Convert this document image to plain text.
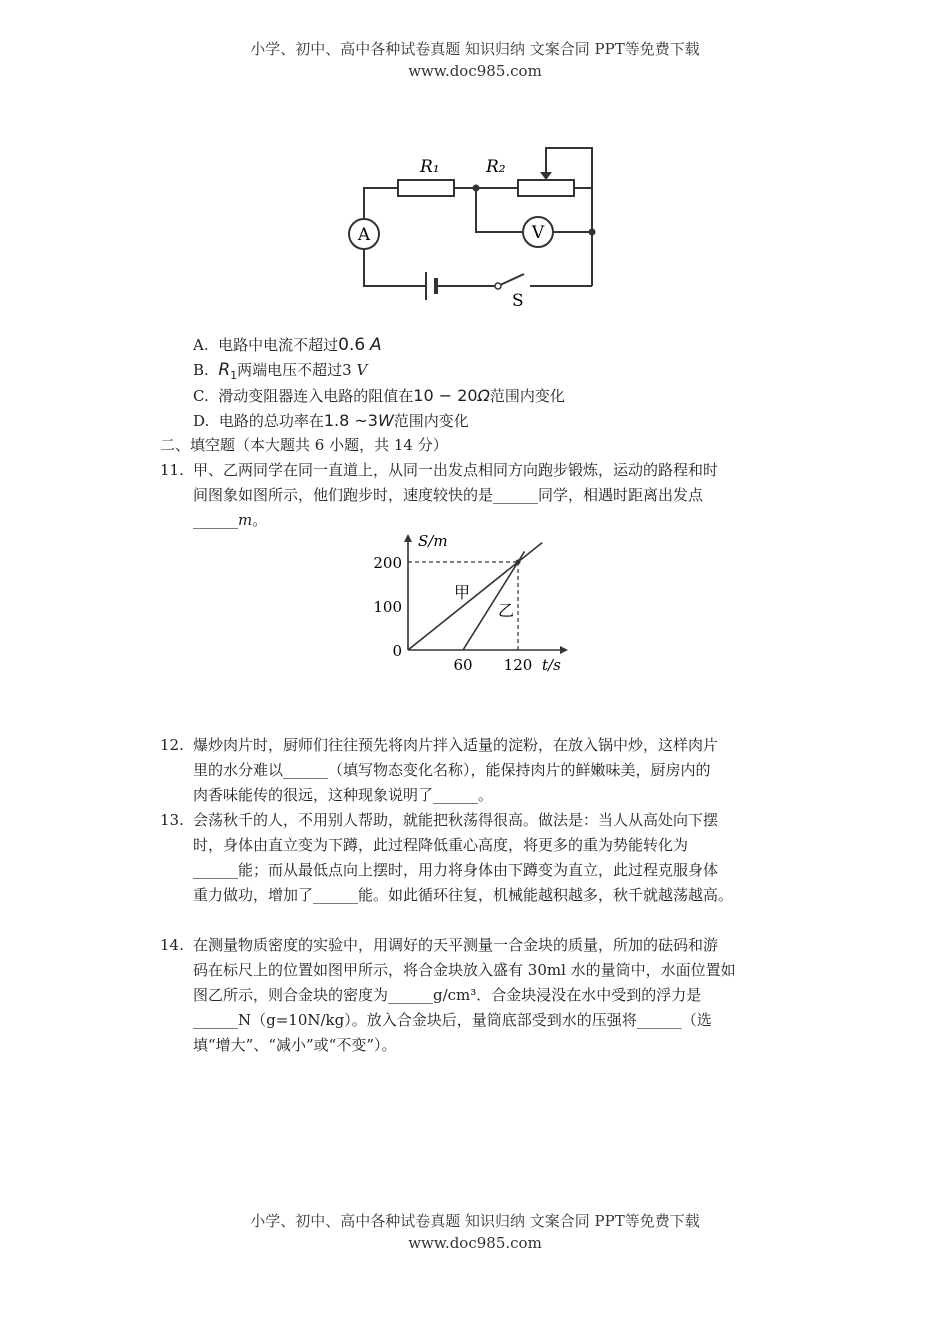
小学、初中、高中各种试卷真题 知识归纳 文案合同 PPT等免费下载
www.doc985.com
R₁	R₂
A	V
S
A. 电路中电流不超过0.6 A
B. $R_1$两端电压不超过3 V
C. 滑动变阻器连入电路的阻值在10 − 20Ω范围内变化
D. 电路的总功率在1.8 ~3W范围内变化
二、填空题（本大题共 6 小题，共 14 分）
11. 甲、乙两同学在同一直道上，从同一出发点相同方向跑步锻炼，运动的路程和时
间图象如图所示，他们跑步时，速度较快的是______同学，相遇时距离出发点
______m。
S/m
t/s
200
100
0
60 120
甲
乙
12. 爆炒肉片时，厨师们往往预先将肉片拌入适量的淀粉，在放入锅中炒，这样肉片
里的水分难以______（填写物态变化名称），能保持肉片的鲜嫩味美，厨房内的
肉香味能传的很远，这种现象说明了______。
13. 会荡秋千的人，不用别人帮助，就能把秋荡得很高。做法是：当人从高处向下摆
时，身体由直立变为下蹲，此过程降低重心高度，将更多的重为势能转化为
______能；而从最低点向上摆时，用力将身体由下蹲变为直立，此过程克服身体
重力做功，增加了______能。如此循环往复，机械能越积越多，秋千就越荡越高。
14. 在测量物质密度的实验中，用调好的天平测量一合金块的质量，所加的砝码和游
码在标尺上的位置如图甲所示，将合金块放入盛有 30ml 水的量筒中，水面位置如
图乙所示，则合金块的密度为______g/cm³．合金块浸没在水中受到的浮力是
______N（g=10N/kg）。放入合金块后，量筒底部受到水的压强将______（选
填“增大”、“减小”或“不变”）。
小学、初中、高中各种试卷真题 知识归纳 文案合同 PPT等免费下载
www.doc985.com
